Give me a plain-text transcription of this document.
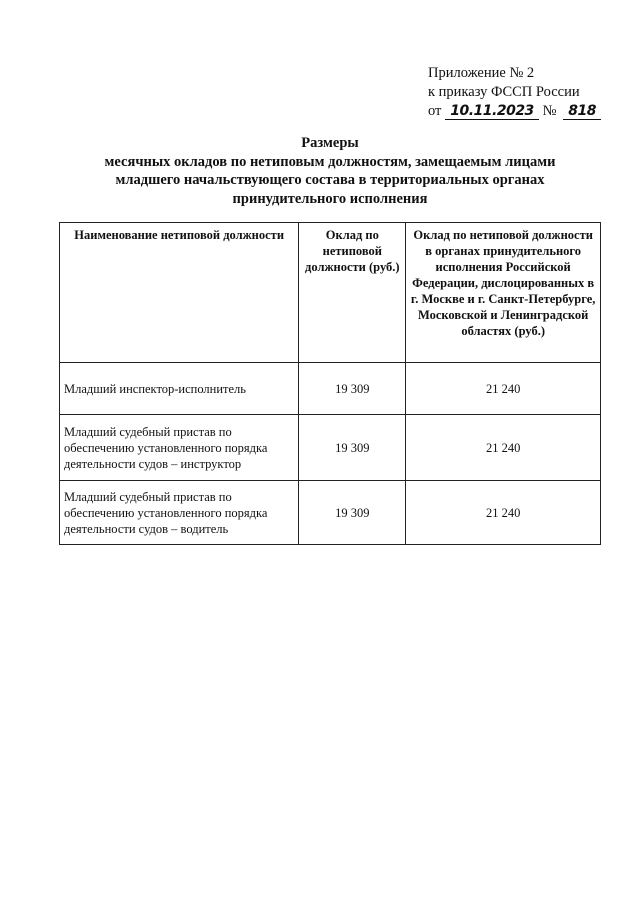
Приложение № 2
к приказу ФССП России
от 10.11.2023 № 818
Размеры
месячных окладов по нетиповым должностям, замещаемым лицами
младшего начальствующего состава в территориальных органах
принудительного исполнения
Наименование нетиповой должности	Оклад по нетиповой должности (руб.)	Оклад по нетиповой должности в органах принудительного исполнения Российской Федерации, дислоцированных в г. Москве и г. Санкт-Петербурге, Московской и Ленинградской областях (руб.)
Младший инспектор-исполнитель	19 309	21 240
Младший судебный пристав по обеспечению установленного порядка деятельности судов – инструктор	19 309	21 240
Младший судебный пристав по обеспечению установленного порядка деятельности судов – водитель	19 309	21 240
